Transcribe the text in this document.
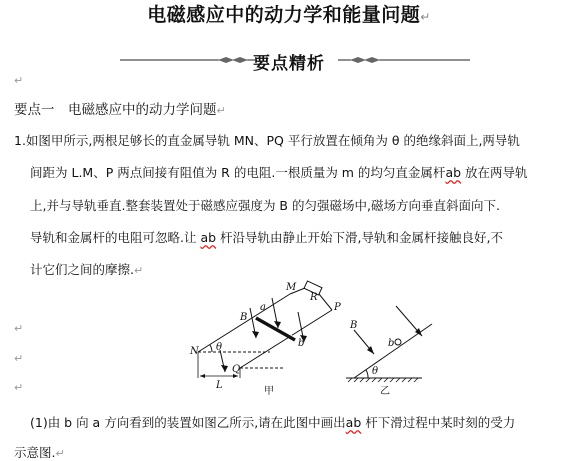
电磁感应中的动力学和能量问题↵
要点精析
↵
要点一　电磁感应中的动力学问题↵
1.如图甲所示,两根足够长的直金属导轨 MN、PQ 平行放置在倾角为 θ 的绝缘斜面上,两导轨
间距为 L.M、P 两点间接有阻值为 R 的电阻.一根质量为 m 的均匀直金属杆ab 放在两导轨
上,并与导轨垂直.整套装置处于磁感应强度为 B 的匀强磁场中,磁场方向垂直斜面向下.
导轨和金属杆的电阻可忽略.让 ab 杆沿导轨由静止开始下滑,导轨和金属杆接触良好,不
计它们之间的摩擦.↵
↵
↵
↵
M
R
P
a
B
b
N θ
Q
L
甲
B
b
θ
乙
(1)由 b 向 a 方向看到的装置如图乙所示,请在此图中画出ab 杆下滑过程中某时刻的受力
示意图.↵
